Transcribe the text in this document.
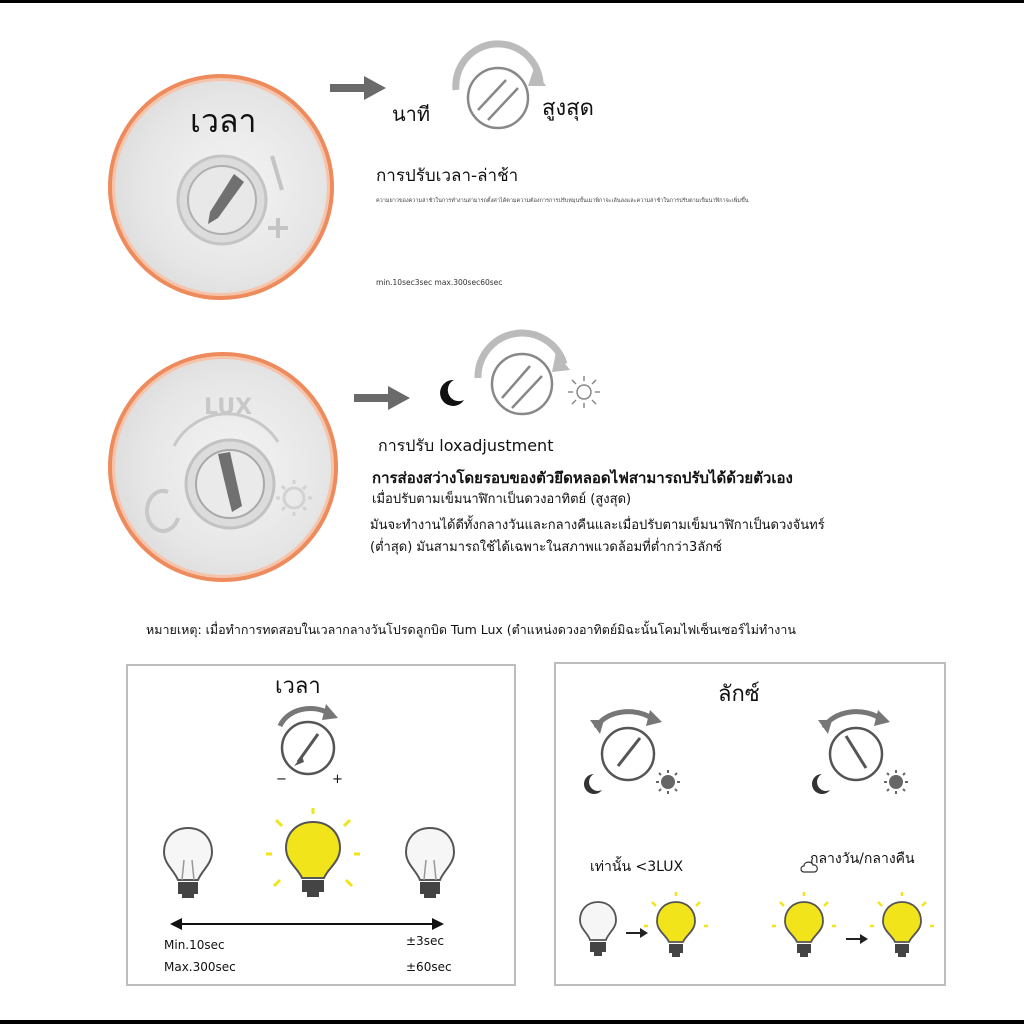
เวลา	นาที	สูงสุด
การปรับเวลา-ล่าช้า
ความยาวของความล่าช้าในการทำงานสามารถตั้งค่าได้ตามความต้องการการปรับหมุนขั้นเมาพิกาจะเล้นลงและความล่าช้าในการปรับตามเข็มนาฬิกาจะเพิ่มขึ้น
min.10sec3sec max.300sec60sec
LUX
การปรับ loxadjustment
การส่องสว่างโดยรอบของตัวยึดหลอดไฟสามารถปรับได้ด้วยตัวเอง
เมื่อปรับตามเข็มนาฬิกาเป็นดวงอาทิตย์ (สูงสุด)
มันจะทำงานได้ดีทั้งกลางวันและกลางคืนและเมื่อปรับตามเข็มนาฬิกาเป็นดวงจันทร์
(ต่ำสุด) มันสามารถใช้ได้เฉพาะในสภาพแวดล้อมที่ต่ำกว่า3ลักซ์
หมายเหตุ: เมื่อทำการทดสอบในเวลากลางวันโปรดลูกบิด Tum Lux (ตำแหน่งดวงอาทิตย์มิฉะนั้นโคมไฟเซ็นเซอร์ไม่ทำงาน
เวลา
−	+
Min.10sec
Max.300sec
±3sec
±60sec
ลักซ์
เท่านั้น <3LUX	กลางวัน/กลางคืน
